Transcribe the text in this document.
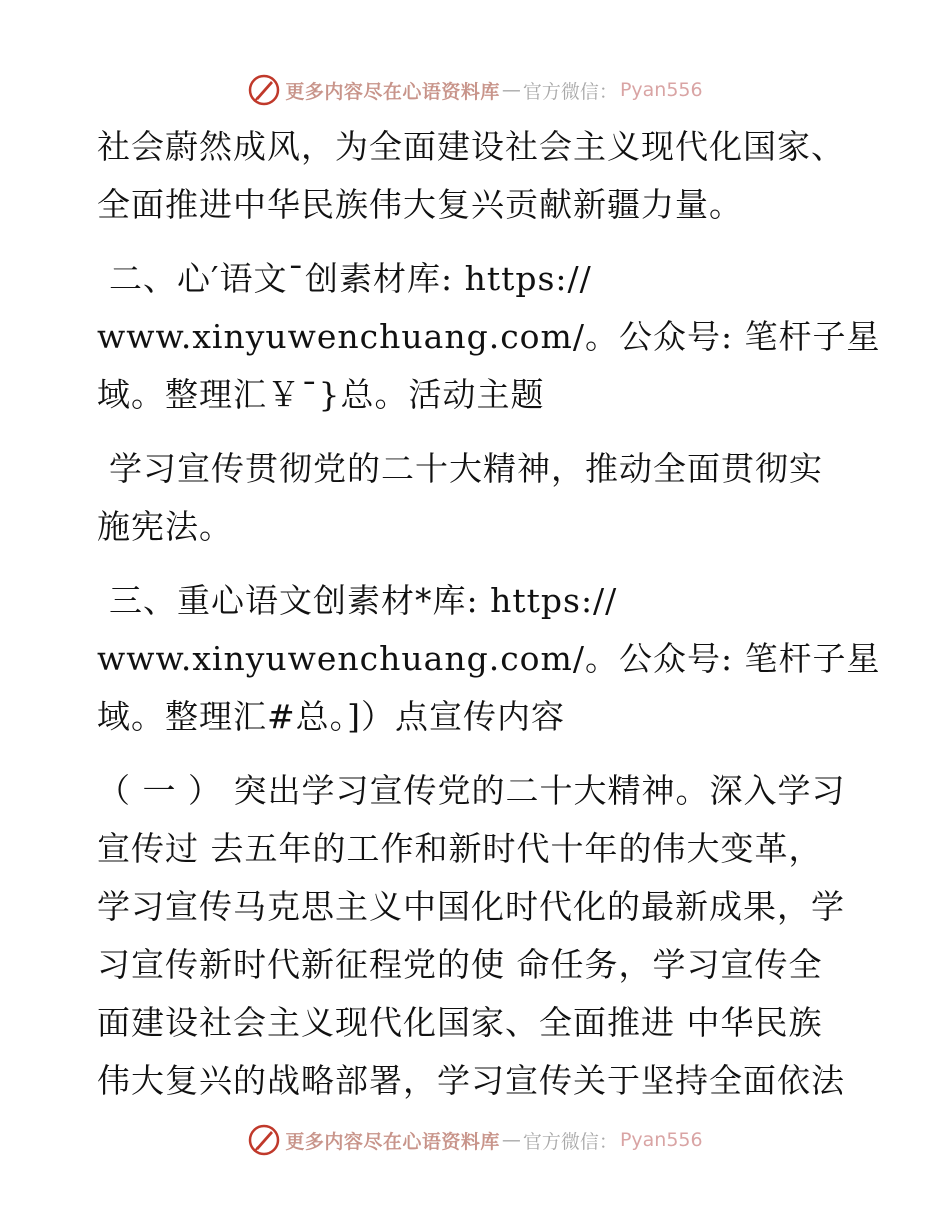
更多内容尽在心语资料库 — 官方微信： Pyan556
社会蔚然成风，为全面建设社会主义现代化国家、
全面推进中华民族伟大复兴贡献新疆力量。
二、心′语文¯创素材库: https://
www.xinyuwenchuang.com/。公众号: 笔杆子星
域。整理汇￥¯}总。活动主题
学习宣传贯彻党的二十大精神，推动全面贯彻实
施宪法。
三、重心语文创素材*库: https://
www.xinyuwenchuang.com/。公众号: 笔杆子星
域。整理汇#总。]）点宣传内容
（ 一 ） 突出学习宣传党的二十大精神。深入学习
宣传过 去五年的工作和新时代十年的伟大变革，
学习宣传马克思主义中国化时代化的最新成果，学
习宣传新时代新征程党的使 命任务，学习宣传全
面建设社会主义现代化国家、全面推进 中华民族
伟大复兴的战略部署，学习宣传关于坚持全面依法
更多内容尽在心语资料库 — 官方微信： Pyan556
